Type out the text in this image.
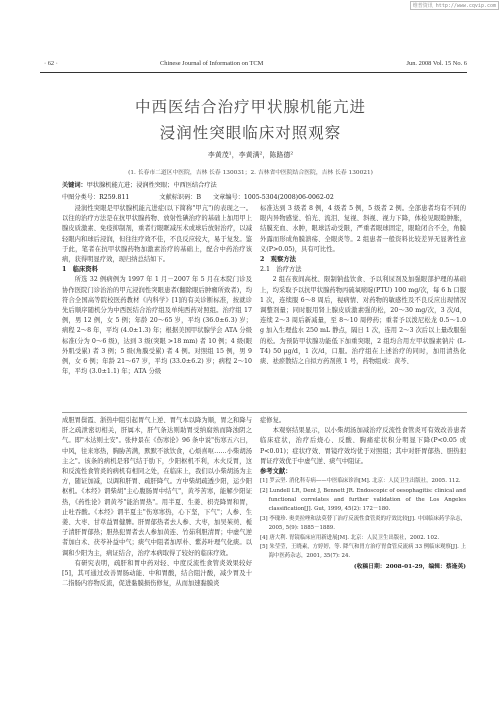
维普资讯 http://www.cqvip.com
· 62 ·	Chinese Journal of Information on TCM	Jun. 2008 Vol. 15 No. 6
中西医结合治疗甲状腺机能亢进
浸润性突眼临床对照观察
李黄茂¹，李黄满²，陈路德²
(1. 长春市二道区中医院，吉林 长春 130031；2. 吉林省中医院结合医院，吉林 长春 130021)
关键词：甲状腺机能亢进；浸润性突眼；中西医结合疗法
中图分类号：R259.811	文献标识码：B 文章编号：1005-5304(2008)06-0062-02

浸润性突眼是甲状腺机能亢进症(以下简称"甲亢")的表现之一。以往的治疗方法是在抗甲状腺药物、放射性碘治疗的基础上加用甲上腺皮质激素、免疫抑制剂，重者行眼眶减压术或球后放射治疗，以减轻眼内和球后浸润，但往往疗效不佳，不良反应较大，易于复发。鉴于此，笔者在抗甲状腺药物加激素治疗的基础上，配合中药治疗该病，获得明显疗效，现归纳总结如下。

1　临床资料

所选 32 例病例为 1997 年 1 月－2007 年 5 月在本院门诊及协作医院门诊治治的甲亢浸润性突眼患者(翻除眼后肿瘤所致者)，均符合全国高等院校医药教材《内科学》[1]的有关诊断标准，按就诊先后顺序随机分为中西医结合治疗组及单纯西药对照组。治疗组 17 例，男 12 例，女 5 例；年龄 20～65 岁，平均 (36.0±6.3) 岁；病程 2～8 年，平均 (4.0±1.3) 年；根据美国甲状腺学会 ATA 分级标准(分为 0～6 级)，达到 3 级(突眼 >18 mm) 者 10 例；4 级(眼外肌受累) 者 3 例；5 级(角膜受累) 者 4 例。对照组 15 例，男 9 例，女 6 例；年龄 21～67 岁，平均 (33.0±6.2) 岁；病程 2～10 年，平均 (3.0±1.1) 年；ATA 分级

标准达到 3 级者 8 例，4 级者 5 例，5 级者 2 例。全部患者均有不同的眼内异物感觉、怕光、流泪、复视、斜视、视力下降，体检见眼睑肿胀，结膜充血、水肿，眼球活动受限，严重者眼球固定，眼睑闭合不全，角膜外露而形成角膜溃疡、全眼炎等。2 组患者一般资料比较差异无显著性意义(P>0.05)，具有可比性。

2　观察方法

2.1　治疗方法

2 组在夜间高枕、限制钠盐饮食、予以利尿剂及加强眼部护理的基础上，均采取予以抗甲状腺药物丙硫氧嘧啶(PTU) 100 mg/次，每 6 h 口服 1 次，连续服 6～8 周后，视病情、对药物的敏感性及不良反应出现情况调整剂量；同时服用肾上腺皮质激素强的松，20～30 mg/次，3 次/d，连续 2～3 周后新减量，至 8～10 周停药；重者予以泼尼松龙 0.5～1.0 g 加入生理盐水 250 mL 静点，隔日 1 次，连用 2～3 次后以上量改服强的松。为预防甲状腺功能低下加重突眼，2 组均合用左甲状腺素钠片 (L-T4) 50 μg/d，1 次/d，口服。治疗组在上述治疗的同时，加用清热化痰、祛瘀散结之自拟方药剂煎 1 号，药物组成：黄芩、

成胆胃鬓霞、浙热中阻引起胃气上逆、胃气本以降为顺，胃之和降与肝之疏泄密切相关，肝属木，肝气条达则助胃受纳腐熟而降浊阴之气。即"木达则土安"。张仲景在《伤寒论》96 条中说"伤寒五六日，中风，往来寒热，胸胁苦满，默默不欲饮食，心烦喜呕……小柴胡汤主之"。该条的病机是邪气结于肋下，少阳枢机不利，木火反胃，这和反流性食管炎的病机有相同之处，在临床上，我们以小柴胡汤为主方，随证加减，以调和肝胃、疏肝降气。方中柴胡疏透少阳，运少阳枢机。《本经》谓柴胡"主心腹肠胃中结气"，黄芩苦寒，能解少阳证热，《药性论》谓黄芩"能治胃热"。用半夏、生姜、枳壳降胃和胃，止吐吞酸。《本经》谓半夏主"伤寒寒热，心下坚，下气"；人参、生姜、大枣、甘草益胃健脾。肝胃郁热者去人参、大枣，加吴茱萸、栀子清肝胃郁热；胆热犯胃者去人参加黄连、竹茹利胆清胃；中虚气逆者加白术、茯苓补益中气；痰气中阻者加厚朴、紫苏叶理气化痰。以调和少阳为主，病证结合，治疗本病取得了较好的临床疗效。

有研究表明，疏肝和胃中药对轻、中度反流性食管炎效果较好[5]，其可通过改善胃肠动能、中和胃酸，结合阻汁酸，减少胃及十二指肠内容物反流，促进黏膜损伤修复，从而加速黏膜炎

症修复。

本观察结果显示，以小柴胡汤加减治疗反流性食管炎可有效改善患者临床症状，治疗后烧心、反酸、胸痛症状积分明显下降(P<0.05 或 P<0.01)；症状疗效、胃镜疗效均优于对照组；其中对肝胃郁热、胆热犯胃证疗效优于中虚气逆、痰气中阻证。

参考文献：

[1] 罗云坚. 消化科专病——中医临床诊治[M]. 北京：人民卫生出版社，2005. 112.

[2] Lundell LR, Dent J, Bennett JR. Endoscopic of oesophagitis: clinical and functional correlates and further validation of the Los Angeles classification[J]. Gut, 1999, 45(2): 172－180.

[3] 李瑰珍. 奥美拉唑和法莫替丁治疗反流性食管炎的疗效比较[J]. 中国临床药学杂志，2005, 5(9): 1885－1889.

[4] 唐大利. 胃镜临床应用新进展[M]. 北京：人民卫生出版社，2002. 102.

[5] 朱莹莹，王晓素，方婷婷，等. 降气和胃方治疗胃食管反流病 33 例临床观察[J]. 上海中医药杂志，2001, 35(7): 24.

(收稿日期：2008-01-29，编辑：蔡逢英)
